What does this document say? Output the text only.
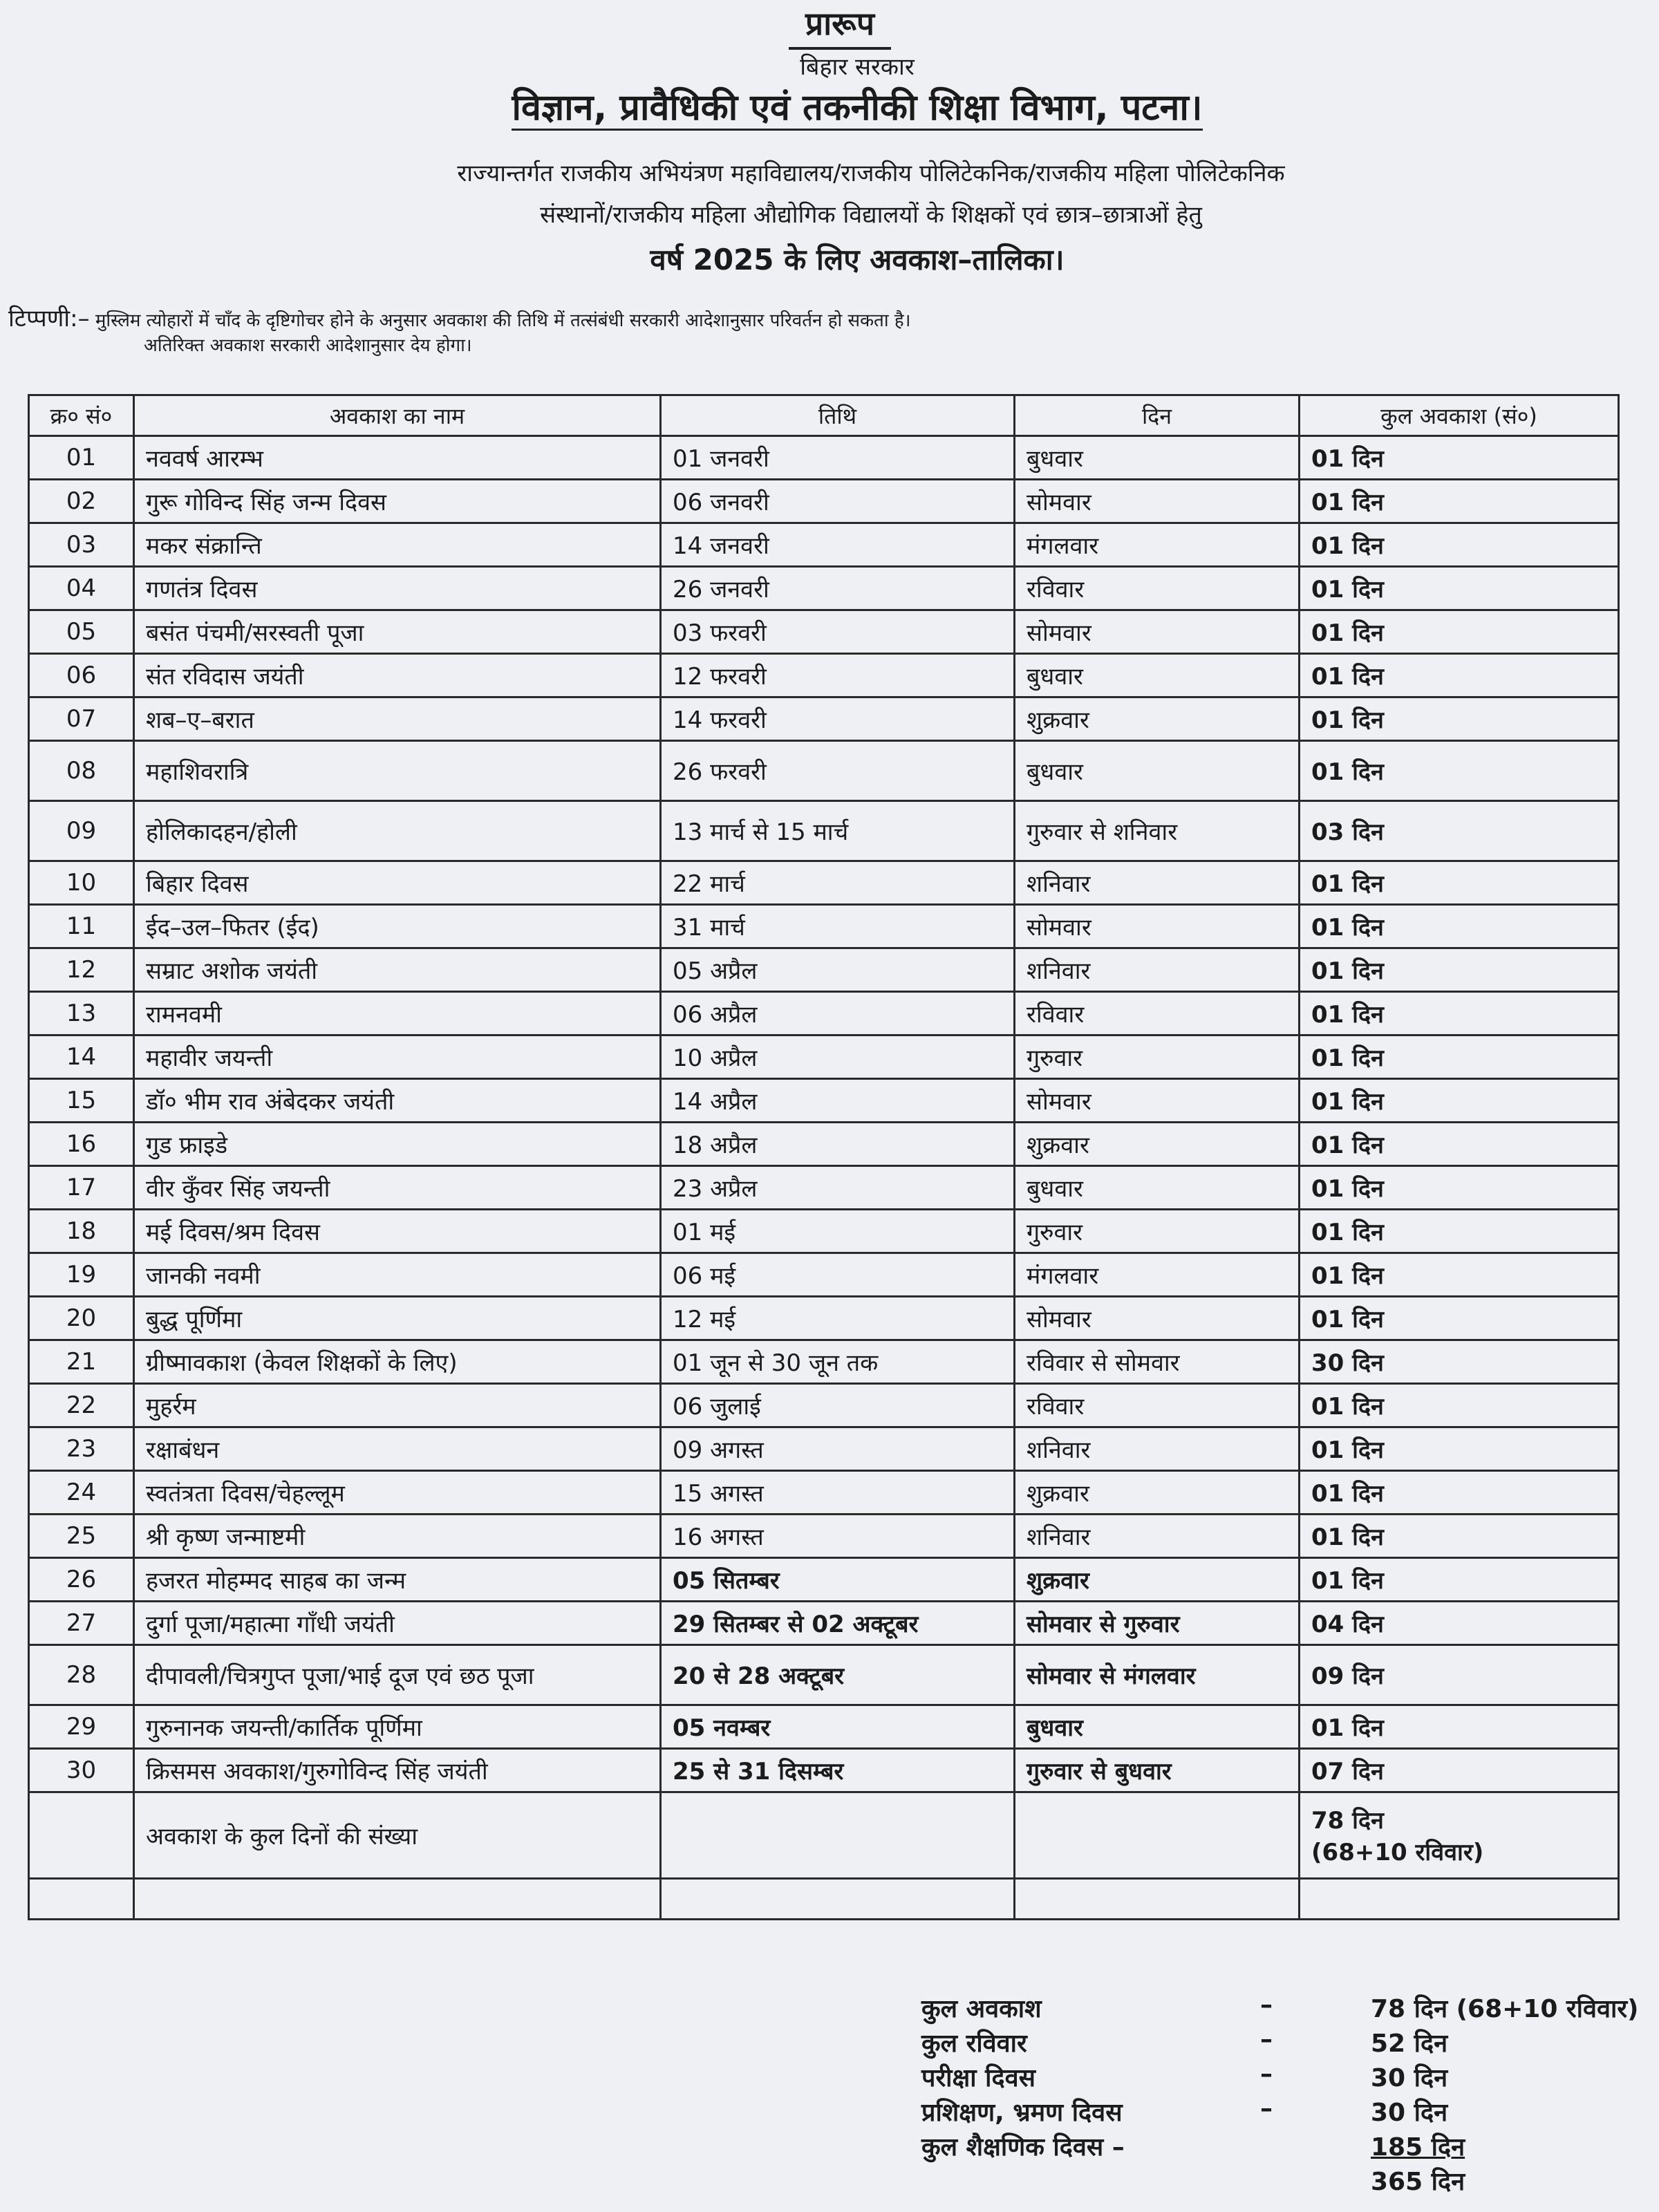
प्रारूप
बिहार सरकार
विज्ञान, प्रावैधिकी एवं तकनीकी शिक्षा विभाग, पटना।
राज्यान्तर्गत राजकीय अभियंत्रण महाविद्यालय/राजकीय पोलिटेकनिक/राजकीय महिला पोलिटेकनिक
संस्थानों/राजकीय महिला औद्योगिक विद्यालयों के शिक्षकों एवं छात्र–छात्राओं हेतु
वर्ष 2025 के लिए अवकाश–तालिका।
टिप्पणी:– मुस्लिम त्योहारों में चाँद के दृष्टिगोचर होने के अनुसार अवकाश की तिथि में तत्संबंधी सरकारी आदेशानुसार परिवर्तन हो सकता है।
अतिरिक्त अवकाश सरकारी आदेशानुसार देय होगा।
क्र० सं०	अवकाश का नाम	तिथि	दिन	कुल अवकाश (सं०)
01	नववर्ष आरम्भ	01 जनवरी	बुधवार	01 दिन
02	गुरू गोविन्द सिंह जन्म दिवस	06 जनवरी	सोमवार	01 दिन
03	मकर संक्रान्ति	14 जनवरी	मंगलवार	01 दिन
04	गणतंत्र दिवस	26 जनवरी	रविवार	01 दिन
05	बसंत पंचमी/सरस्वती पूजा	03 फरवरी	सोमवार	01 दिन
06	संत रविदास जयंती	12 फरवरी	बुधवार	01 दिन
07	शब–ए–बरात	14 फरवरी	शुक्रवार	01 दिन
08	महाशिवरात्रि	26 फरवरी	बुधवार	01 दिन
09	होलिकादहन/होली	13 मार्च से 15 मार्च	गुरुवार से शनिवार	03 दिन
10	बिहार दिवस	22 मार्च	शनिवार	01 दिन
11	ईद–उल–फितर (ईद)	31 मार्च	सोमवार	01 दिन
12	सम्राट अशोक जयंती	05 अप्रैल	शनिवार	01 दिन
13	रामनवमी	06 अप्रैल	रविवार	01 दिन
14	महावीर जयन्ती	10 अप्रैल	गुरुवार	01 दिन
15	डॉ० भीम राव अंबेदकर जयंती	14 अप्रैल	सोमवार	01 दिन
16	गुड फ्राइडे	18 अप्रैल	शुक्रवार	01 दिन
17	वीर कुँवर सिंह जयन्ती	23 अप्रैल	बुधवार	01 दिन
18	मई दिवस/श्रम दिवस	01 मई	गुरुवार	01 दिन
19	जानकी नवमी	06 मई	मंगलवार	01 दिन
20	बुद्ध पूर्णिमा	12 मई	सोमवार	01 दिन
21	ग्रीष्मावकाश (केवल शिक्षकों के लिए)	01 जून से 30 जून तक	रविवार से सोमवार	30 दिन
22	मुहर्रम	06 जुलाई	रविवार	01 दिन
23	रक्षाबंधन	09 अगस्त	शनिवार	01 दिन
24	स्वतंत्रता दिवस/चेहल्लूम	15 अगस्त	शुक्रवार	01 दिन
25	श्री कृष्ण जन्माष्टमी	16 अगस्त	शनिवार	01 दिन
26	हजरत मोहम्मद साहब का जन्म	05 सितम्बर	शुक्रवार	01 दिन
27	दुर्गा पूजा/महात्मा गाँधी जयंती	29 सितम्बर से 02 अक्टूबर	सोमवार से गुरुवार	04 दिन
28	दीपावली/चित्रगुप्त पूजा/भाई दूज एवं छठ पूजा	20 से 28 अक्टूबर	सोमवार से मंगलवार	09 दिन
29	गुरुनानक जयन्ती/कार्तिक पूर्णिमा	05 नवम्बर	बुधवार	01 दिन
30	क्रिसमस अवकाश/गुरुगोविन्द सिंह जयंती	25 से 31 दिसम्बर	गुरुवार से बुधवार	07 दिन
	अवकाश के कुल दिनों की संख्या			78 दिन
(68+10 रविवार)

कुल अवकाश	–	78 दिन (68+10 रविवार)
कुल रविवार	–	52 दिन
परीक्षा दिवस	–	30 दिन
प्रशिक्षण, भ्रमण दिवस	–	30 दिन
कुल शैक्षणिक दिवस –	185 दिन
365 दिन
